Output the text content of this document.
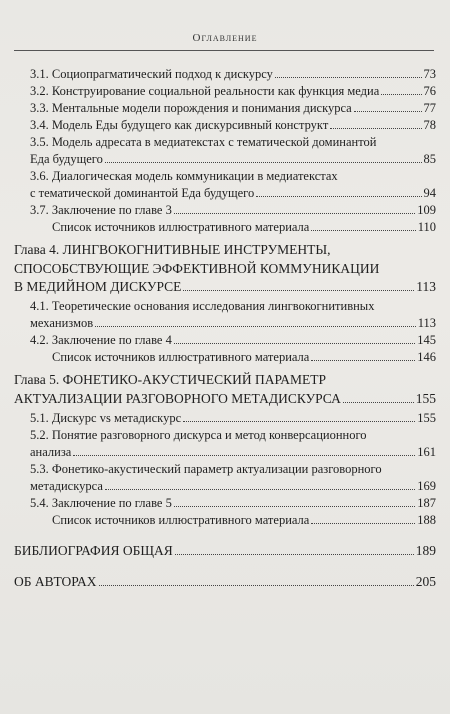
Оглавление
3.1. Социопрагматический подход к дискурсу	73
3.2. Конструирование социальной реальности как функция медиа	76
3.3. Ментальные модели порождения и понимания дискурса	77
3.4. Модель Еды будущего как дискурсивный конструкт	78
3.5. Модель адресата в медиатекстах с тематической доминантой
Еда будущего	85
3.6. Диалогическая модель коммуникации в медиатекстах
с тематической доминантой Еда будущего	94
3.7. Заключение по главе 3	109
Список источников иллюстративного материала	110
Глава 4. ЛИНГВОКОГНИТИВНЫЕ ИНСТРУМЕНТЫ,
СПОСОБСТВУЮЩИЕ ЭФФЕКТИВНОЙ КОММУНИКАЦИИ
В МЕДИЙНОМ ДИСКУРСЕ	113
4.1. Теоретические основания исследования лингвокогнитивных
механизмов	113
4.2. Заключение по главе 4	145
Список источников иллюстративного материала	146
Глава 5. ФОНЕТИКО-АКУСТИЧЕСКИЙ ПАРАМЕТР
АКТУАЛИЗАЦИИ РАЗГОВОРНОГО МЕТАДИСКУРСА	155
5.1. Дискурс vs метадискурс	155
5.2. Понятие разговорного дискурса и метод конверсационного
анализа	161
5.3. Фонетико-акустический параметр актуализации разговорного
метадискурса	169
5.4. Заключение по главе 5	187
Список источников иллюстративного материала	188
БИБЛИОГРАФИЯ ОБЩАЯ	189
ОБ АВТОРАХ	205
